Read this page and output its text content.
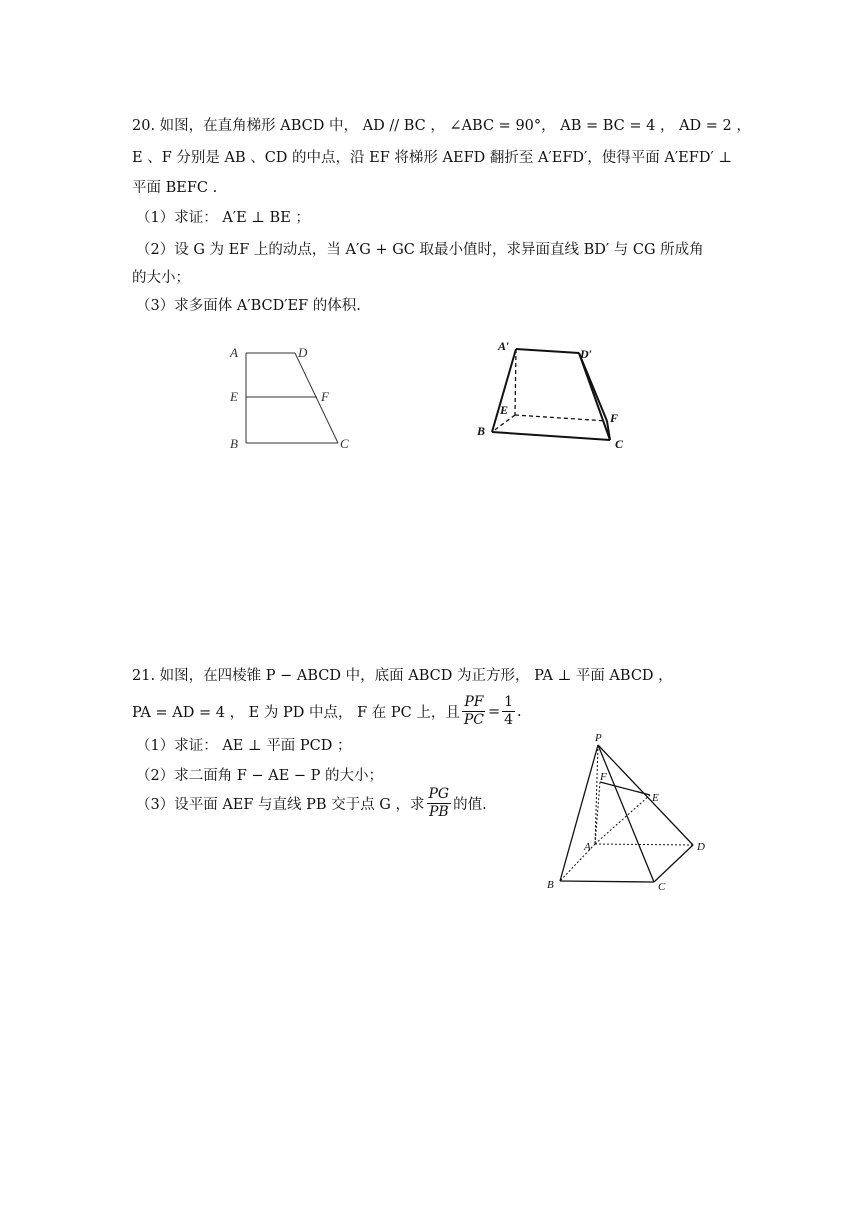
20. 如图，在直角梯形 ABCD 中， AD // BC ， ∠ABC = 90°， AB = BC = 4 ， AD = 2 ，
E 、F 分别是 AB 、CD 的中点，沿 EF 将梯形 AEFD 翻折至 A′EFD′，使得平面 A′EFD′ ⊥
平面 BEFC .
（1）求证： A′E ⊥ BE ；
（2）设 G 为 EF 上的动点，当 A′G + GC 取最小值时，求异面直线 BD′ 与 CG 所成角
的大小；
（3）求多面体 A′BCD′EF 的体积.
A	D
E	F
B	C
A′
D′
E
F
B
C
21. 如图，在四棱锥 P − ABCD 中，底面 ABCD 为正方形， PA ⊥ 平面 ABCD ，
PA = AD = 4 ， E 为 PD 中点， F 在 PC 上，且 $\frac{PF}{PC} = \frac{1}{4}$ .
（1）求证： AE ⊥ 平面 PCD ；
（2）求二面角 F − AE − P 的大小；
（3）设平面 AEF 与直线 PB 交于点 G ，求 $\frac{PG}{PB}$ 的值.
P
F
E
A	D
B	C
